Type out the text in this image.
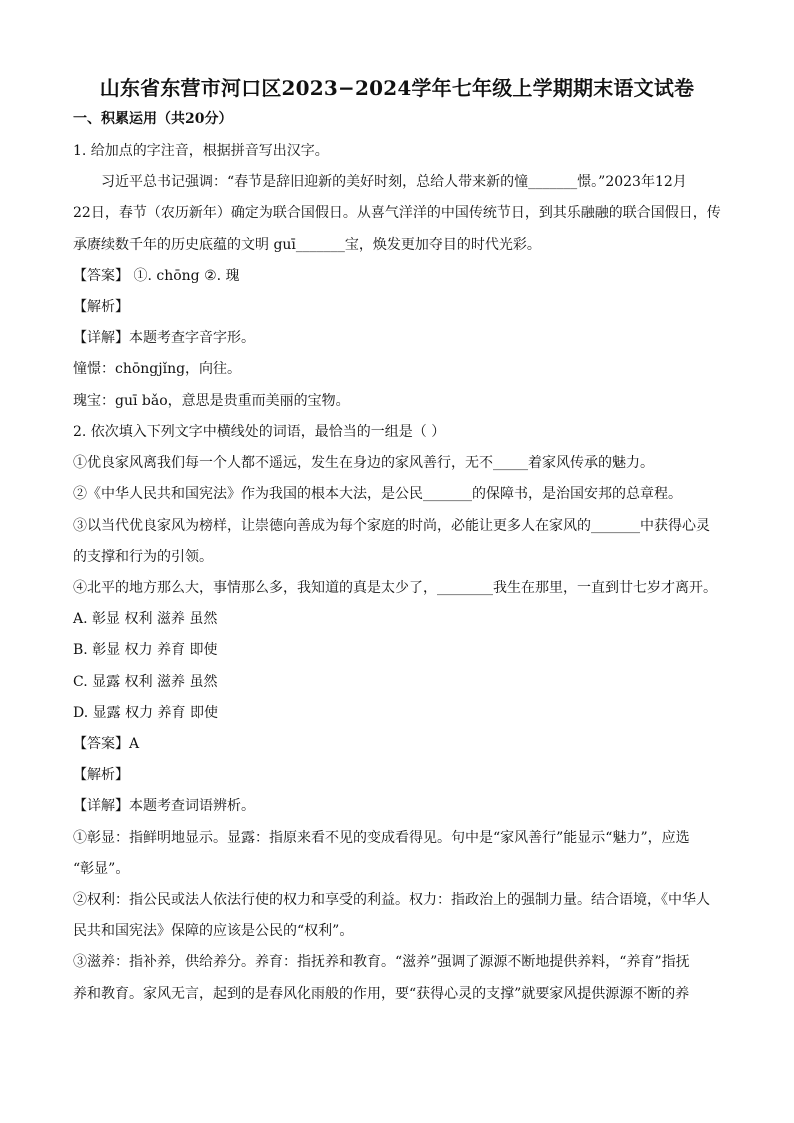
山东省东营市河口区2023−2024学年七年级上学期期末语文试卷
一、积累运用（共20分）
1. 给加点的字注音，根据拼音写出汉字。
习近平总书记强调：“春节是辞旧迎新的美好时刻，总给人带来新的憧_______憬。”2023年12月
22日，春节（农历新年）确定为联合国假日。从喜气洋洋的中国传统节日，到其乐融融的联合国假日，传
承赓续数千年的历史底蕴的文明 guī_______宝，焕发更加夺目的时代光彩。
【答案】 ①. chōng ②. 瑰
【解析】
【详解】本题考查字音字形。
憧憬：chōngjǐng，向往。
瑰宝：guī bǎo，意思是贵重而美丽的宝物。
2. 依次填入下列文字中横线处的词语，最恰当的一组是（ ）
①优良家风离我们每一个人都不遥远，发生在身边的家风善行，无不_____着家风传承的魅力。
②《中华人民共和国宪法》作为我国的根本大法，是公民_______的保障书，是治国安邦的总章程。
③以当代优良家风为榜样，让崇德向善成为每个家庭的时尚，必能让更多人在家风的_______中获得心灵
的支撑和行为的引领。
④北平的地方那么大，事情那么多，我知道的真是太少了，________我生在那里，一直到廿七岁才离开。
A. 彰显 权利 滋养 虽然
B. 彰显 权力 养育 即使
C. 显露 权利 滋养 虽然
D. 显露 权力 养育 即使
【答案】A
【解析】
【详解】本题考查词语辨析。
①彰显：指鲜明地显示。显露：指原来看不见的变成看得见。句中是“家风善行”能显示“魅力”，应选
“彰显”。
②权利：指公民或法人依法行使的权力和享受的利益。权力：指政治上的强制力量。结合语境，《中华人
民共和国宪法》保障的应该是公民的“权利”。
③滋养：指补养，供给养分。养育：指抚养和教育。“滋养”强调了源源不断地提供养料，“养育”指抚
养和教育。家风无言，起到的是春风化雨般的作用，要“获得心灵的支撑”就要家风提供源源不断的养
